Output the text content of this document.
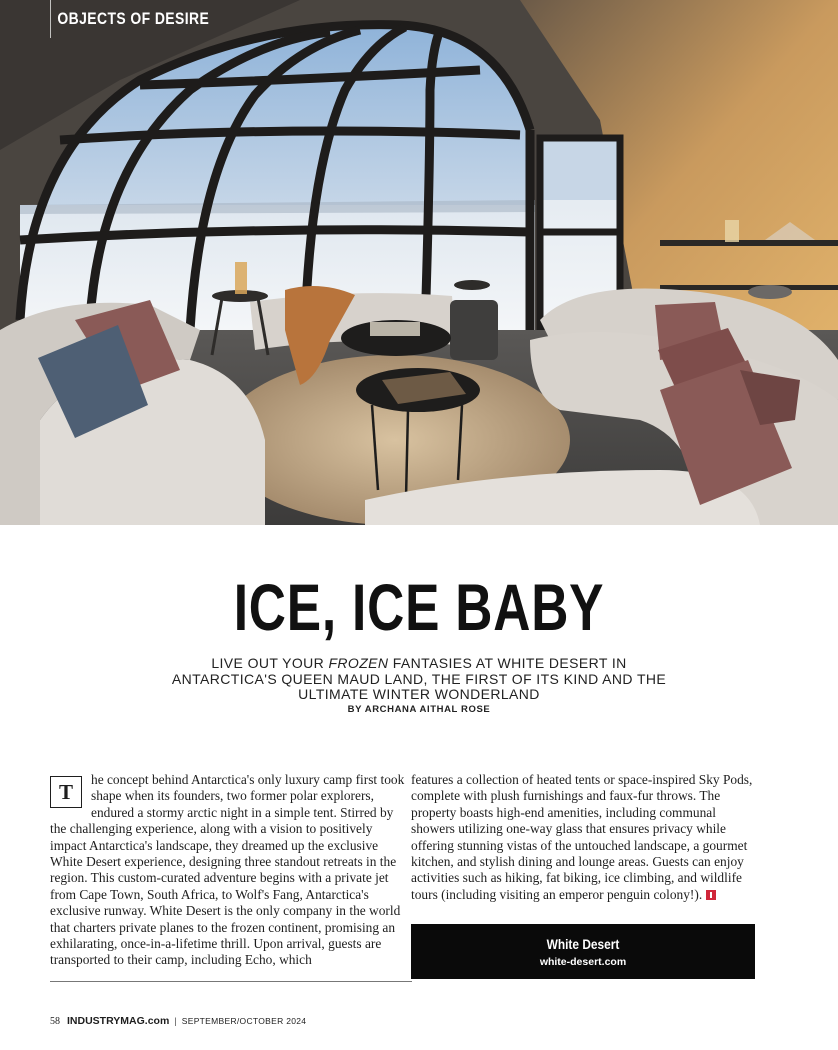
OBJECTS OF DESIRE
ICE, ICE BABY
LIVE OUT YOUR FROZEN FANTASIES AT WHITE DESERT IN
ANTARCTICA'S QUEEN MAUD LAND, THE FIRST OF ITS KIND AND THE
ULTIMATE WINTER WONDERLAND
BY ARCHANA AITHAL ROSE

T
he concept behind Antarctica's only luxury camp first took shape when its founders, two former polar explorers, endured a stormy arctic night in a simple tent. Stirred by the challenging experience, along with a vision to positively impact Antarctica's landscape, they dreamed up the exclusive White Desert experience, designing three standout retreats in the region. This custom-curated adventure begins with a private jet from Cape Town, South Africa, to Wolf's Fang, Antarctica's exclusive runway. White Desert is the only company in the world that charters private planes to the frozen continent, promising an exhilarating, once-in-a-lifetime thrill. Upon arrival, guests are transported to their camp, including Echo, which

features a collection of heated tents or space-inspired Sky Pods, complete with plush furnishings and faux-fur throws. The property boasts high-end amenities, including communal showers utilizing one-way glass that ensures privacy while offering stunning vistas of the untouched landscape, a gourmet kitchen, and stylish dining and lounge areas. Guests can enjoy activities such as hiking, fat biking, ice climbing, and wildlife tours (including visiting an emperor penguin colony!).

White Desert
white-desert.com
58 INDUSTRYMAG.com | SEPTEMBER/OCTOBER 2024
